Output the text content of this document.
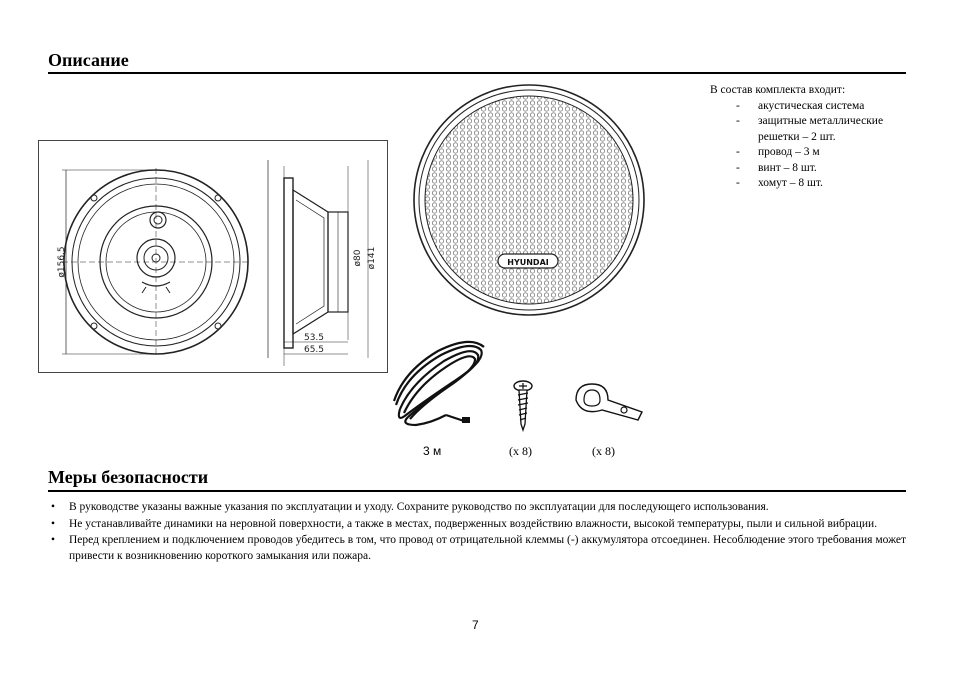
Описание
ø156.5	ø80 ø141
53.5
65.5
HYUNDAI
В состав комплекта входит:
- акустическая система
- защитные металлические решетки – 2 шт.
- провод – 3 м
- винт – 8 шт.
- хомут – 8 шт.
3 м	(x 8)	(x 8)
Меры безопасности
• В руководстве указаны важные указания по эксплуатации и уходу. Сохраните руководство по эксплуатации для последующего использования.
• Не устанавливайте динамики на неровной поверхности, а также в местах, подверженных воздействию влажности, высокой температуры, пыли и сильной вибрации.
• Перед креплением и подключением проводов убедитесь в том, что провод от отрицательной клеммы (-) аккумулятора отсоединен. Несоблюдение этого требования может привести к возникновению короткого замыкания или пожара.
7
